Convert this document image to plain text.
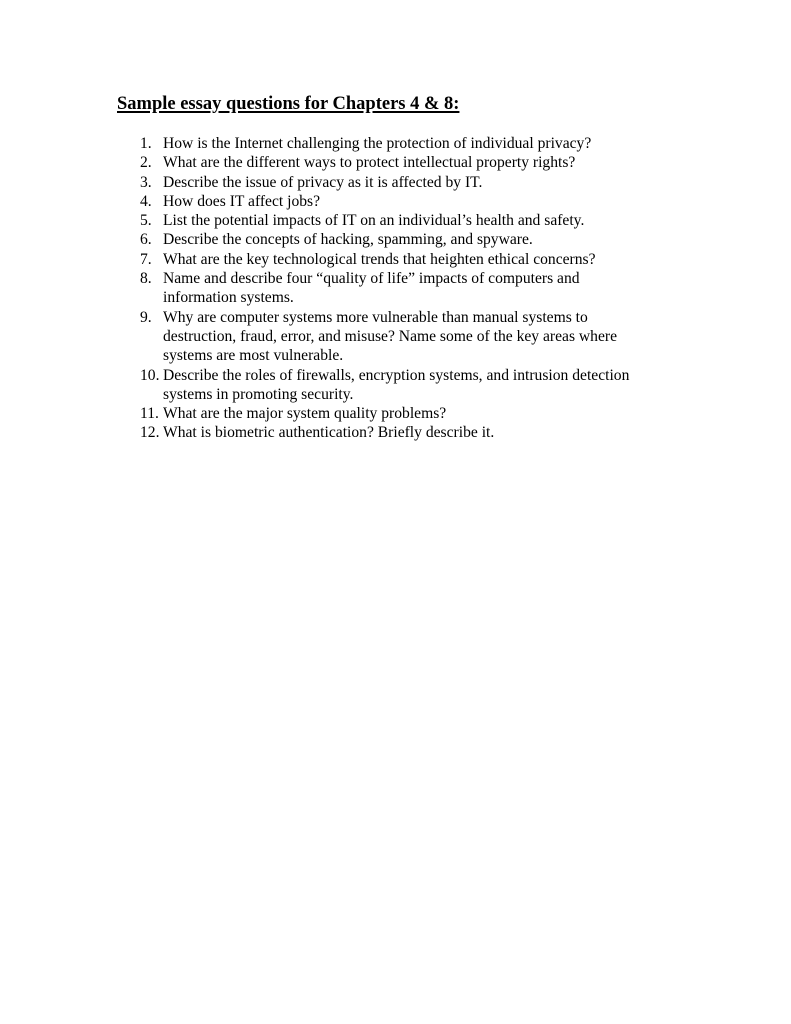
Sample essay questions for Chapters 4 & 8:
1. How is the Internet challenging the protection of individual privacy?
2. What are the different ways to protect intellectual property rights?
3. Describe the issue of privacy as it is affected by IT.
4. How does IT affect jobs?
5. List the potential impacts of IT on an individual’s health and safety.
6. Describe the concepts of hacking, spamming, and spyware.
7. What are the key technological trends that heighten ethical concerns?
8. Name and describe four “quality of life” impacts of computers and
information systems.
9. Why are computer systems more vulnerable than manual systems to
destruction, fraud, error, and misuse? Name some of the key areas where
systems are most vulnerable.
10. Describe the roles of firewalls, encryption systems, and intrusion detection
systems in promoting security.
11. What are the major system quality problems?
12. What is biometric authentication? Briefly describe it.
